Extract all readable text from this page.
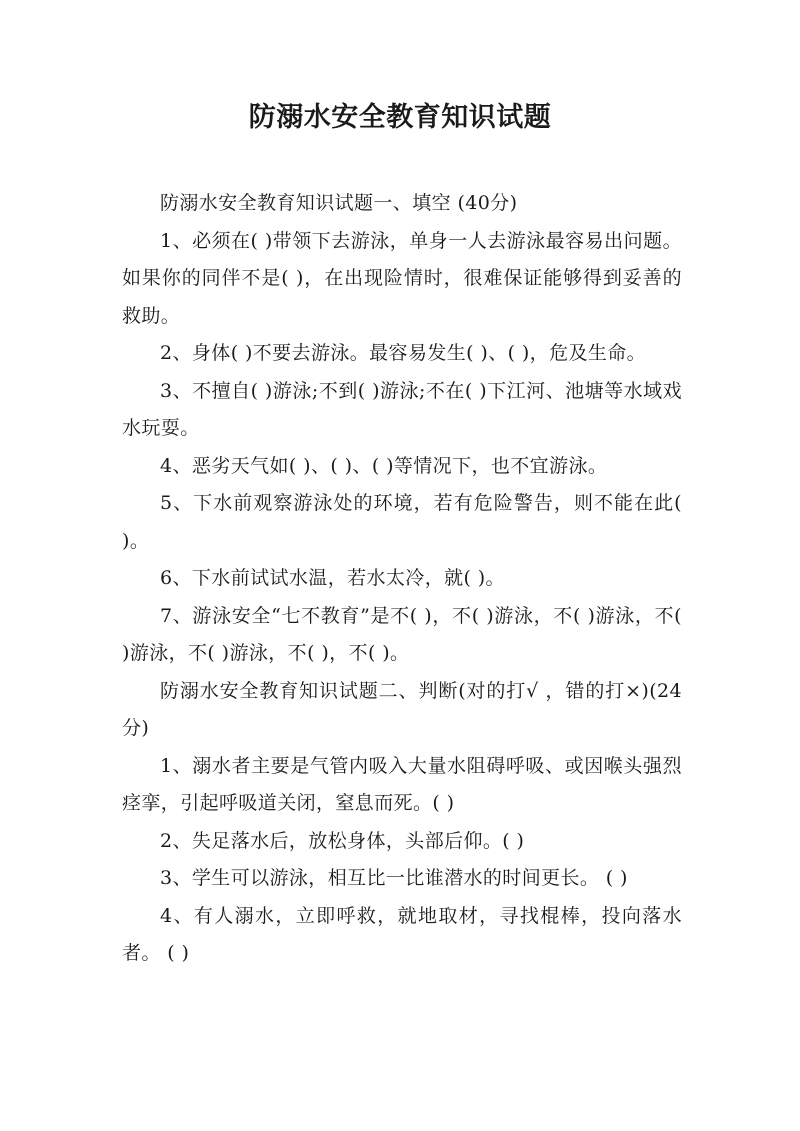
防溺水安全教育知识试题

防溺水安全教育知识试题一、填空 (40分)

1、必须在( )带领下去游泳，单身一人去游泳最容易出问题。如果你的同伴不是( )，在出现险情时，很难保证能够得到妥善的救助。

2、身体( )不要去游泳。最容易发生( )、( )，危及生命。

3、不擅自( )游泳;不到( )游泳;不在( )下江河、池塘等水域戏水玩耍。

4、恶劣天气如( )、( )、( )等情况下，也不宜游泳。

5、下水前观察游泳处的环境，若有危险警告，则不能在此( )。

6、下水前试试水温，若水太冷，就( )。

7、游泳安全“七不教育”是不( )，不( )游泳，不( )游泳，不( )游泳，不( )游泳，不( )，不( )。

防溺水安全教育知识试题二、判断(对的打√ ，错的打×)(24分)

1、溺水者主要是气管内吸入大量水阻碍呼吸、或因喉头强烈痉挛，引起呼吸道关闭，窒息而死。( )

2、失足落水后，放松身体，头部后仰。( )

3、学生可以游泳，相互比一比谁潜水的时间更长。 ( )

4、有人溺水，立即呼救，就地取材，寻找棍棒，投向落水者。 ( )
